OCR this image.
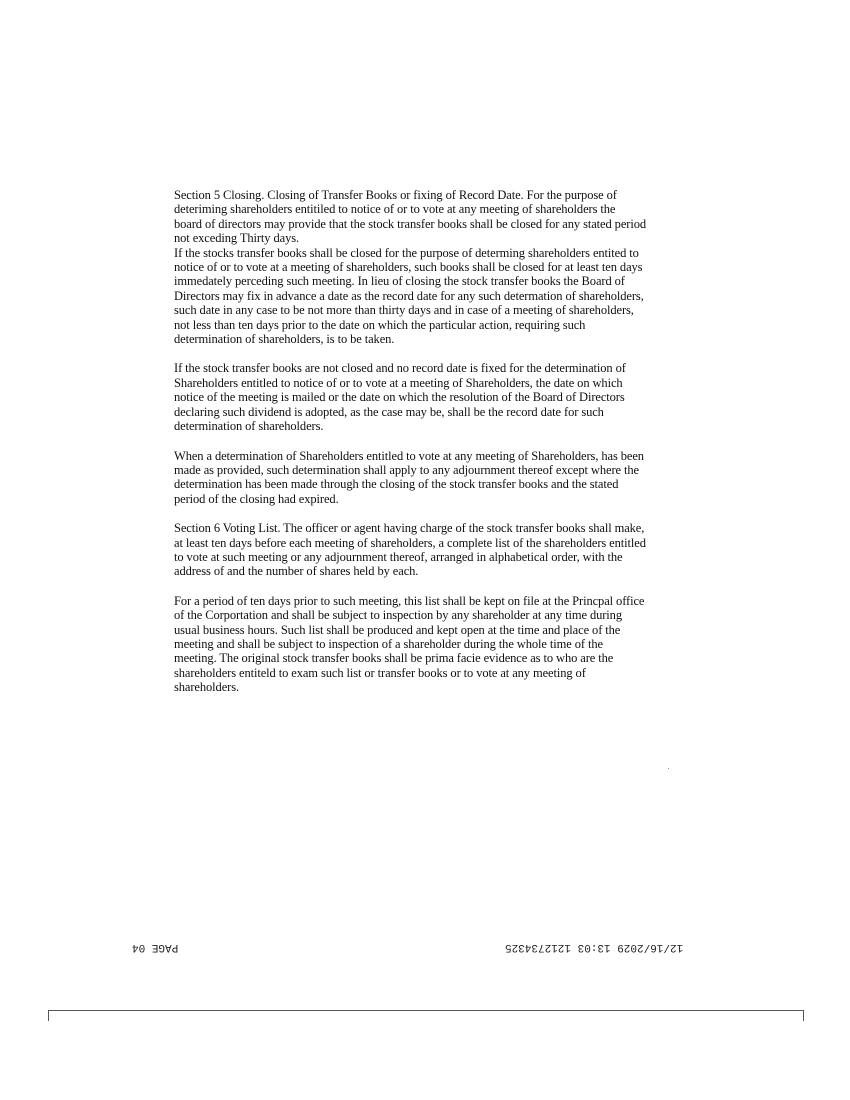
Section 5 Closing. Closing of Transfer Books or fixing of Record Date. For the purpose of deteriming shareholders entitiled to notice of or to vote at any meeting of shareholders the board of directors may provide that the stock transfer books shall be closed for any stated period not exceding Thirty days.

If the stocks transfer books shall be closed for the purpose of determing shareholders entited to notice of or to vote at a meeting of shareholders, such books shall be closed for at least ten days immedately perceding such meeting. In lieu of closing the stock transfer books the Board of Directors may fix in advance a date as the record date for any such determation of shareholders, such date in any case to be not more than thirty days and in case of a meeting of shareholders, not less than ten days prior to the date on which the particular action, requiring such determination of shareholders, is to be taken.

If the stock transfer books are not closed and no record date is fixed for the determination of Shareholders entitled to notice of or to vote at a meeting of Shareholders, the date on which notice of the meeting is mailed or the date on which the resolution of the Board of Directors declaring such dividend is adopted, as the case may be, shall be the record date for such determination of shareholders.

When a determination of Shareholders entitled to vote at any meeting of Shareholders, has been made as provided, such determination shall apply to any adjournment thereof except where the determination has been made through the closing of the stock transfer books and the stated period of the closing had expired.

Section 6 Voting List. The officer or agent having charge of the stock transfer books shall make, at least ten days before each meeting of shareholders, a complete list of the shareholders entitled to vote at such meeting or any adjournment thereof, arranged in alphabetical order, with the address of and the number of shares held by each.

For a period of ten days prior to such meeting, this list shall be kept on file at the Princpal office of the Corportation and shall be subject to inspection by any shareholder at any time during usual business hours. Such list shall be produced and kept open at the time and place of the meeting and shall be subject to inspection of a shareholder during the whole time of the meeting. The original stock transfer books shall be prima facie evidence as to who are the shareholders entiteld to exam such list or transfer books or to vote at any meeting of shareholders.

PAGE 04	12/16/2029 13:03 1212734325
